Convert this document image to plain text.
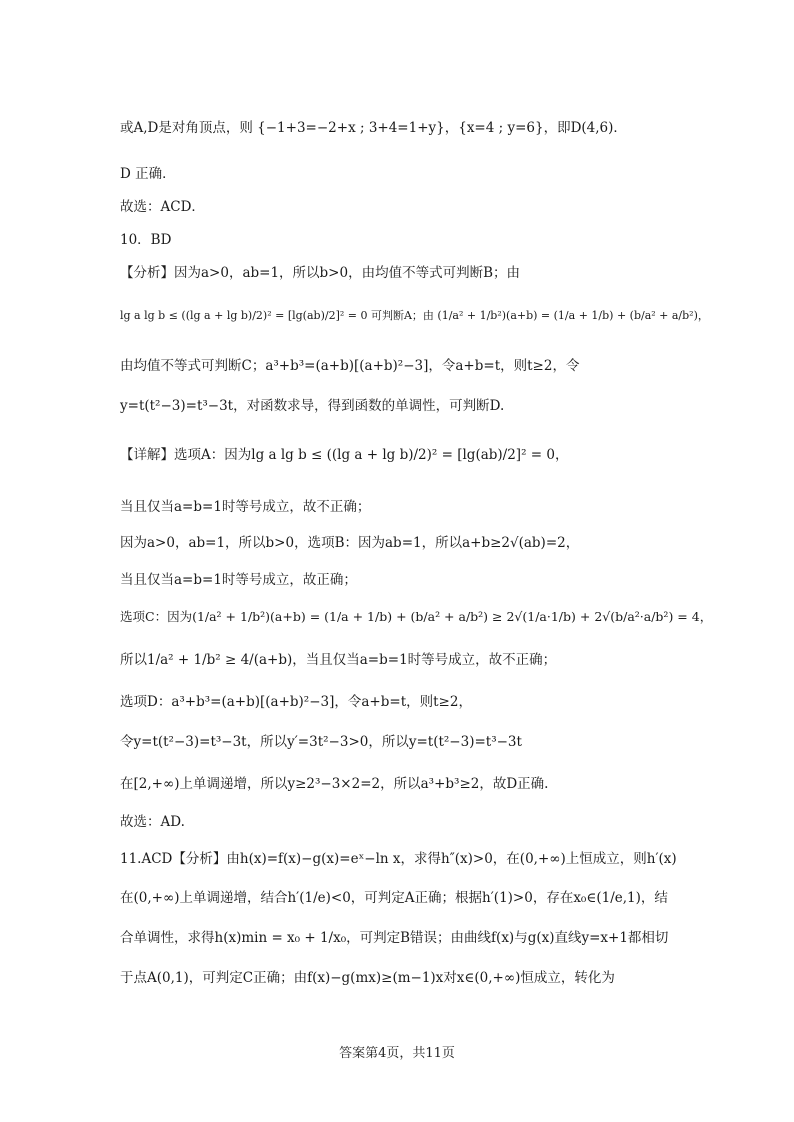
或A,D是对角顶点，则 {−1+3=−2+x ; 3+4=1+y}，{x=4 ; y=6}，即D(4,6)．
D 正确．
故选：ACD．
10．BD
【分析】因为a>0，ab=1，所以b>0，由均值不等式可判断B；由
lg a lg b ≤ ((lg a + lg b)/2)² = [lg(ab)/2]² = 0 可判断A；由 (1/a² + 1/b²)(a+b) = (1/a + 1/b) + (b/a² + a/b²)，
由均值不等式可判断C；a³+b³=(a+b)[(a+b)²−3]，令a+b=t，则t≥2，令
y=t(t²−3)=t³−3t，对函数求导，得到函数的单调性，可判断D.
【详解】选项A：因为lg a lg b ≤ ((lg a + lg b)/2)² = [lg(ab)/2]² = 0，
当且仅当a=b=1时等号成立，故不正确；
因为a>0，ab=1，所以b>0，选项B：因为ab=1，所以a+b≥2√(ab)=2，
当且仅当a=b=1时等号成立，故正确；
选项C：因为(1/a² + 1/b²)(a+b) = (1/a + 1/b) + (b/a² + a/b²) ≥ 2√(1/a·1/b) + 2√(b/a²·a/b²) = 4，
所以1/a² + 1/b² ≥ 4/(a+b)，当且仅当a=b=1时等号成立，故不正确；
选项D：a³+b³=(a+b)[(a+b)²−3]，令a+b=t，则t≥2，
令y=t(t²−3)=t³−3t，所以y′=3t²−3>0，所以y=t(t²−3)=t³−3t
在[2,+∞)上单调递增，所以y≥2³−3×2=2，所以a³+b³≥2，故D正确.
故选：AD.
11.ACD【分析】由h(x)=f(x)−g(x)=eˣ−ln x，求得h″(x)>0，在(0,+∞)上恒成立，则h′(x)
在(0,+∞)上单调递增，结合h′(1/e)<0，可判定A正确；根据h′(1)>0，存在x₀∈(1/e,1)，结
合单调性，求得h(x)min = x₀ + 1/x₀，可判定B错误；由曲线f(x)与g(x)直线y=x+1都相切
于点A(0,1)，可判定C正确；由f(x)−g(mx)≥(m−1)x对x∈(0,+∞)恒成立，转化为
答案第4页，共11页
